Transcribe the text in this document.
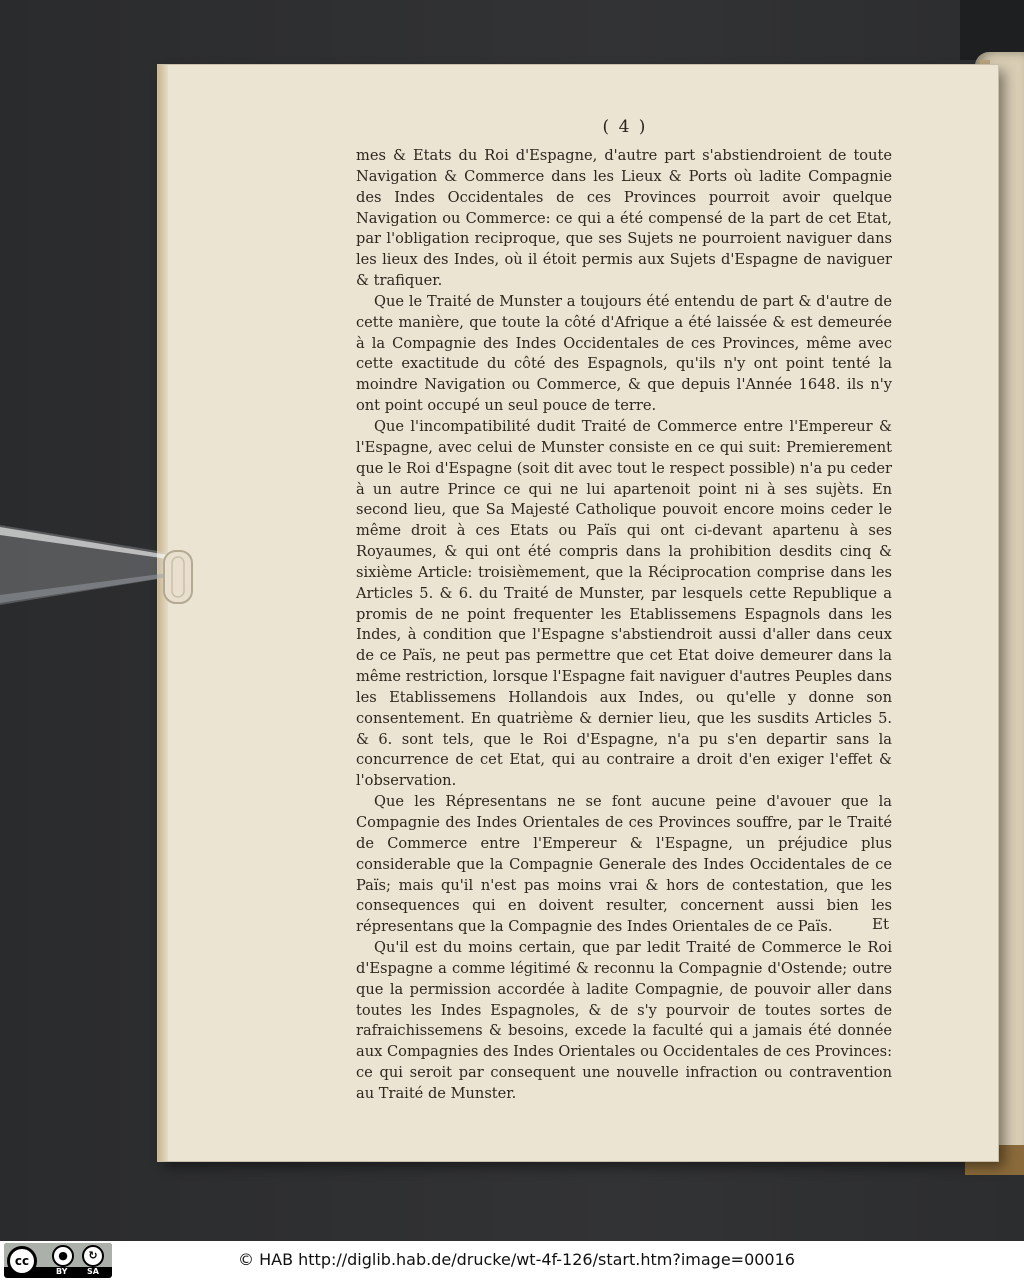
( 4 )

mes & Etats du Roi d'Espagne, d'autre part s'abstiendroient de toute Navigation & Commerce dans les Lieux & Ports où ladite Compagnie des Indes Occidentales de ces Provinces pourroit avoir quelque Navigation ou Commerce: ce qui a été compensé de la part de cet Etat, par l'obligation reciproque, que ses Sujets ne pourroient naviguer dans les lieux des Indes, où il étoit permis aux Sujets d'Espagne de naviguer & trafiquer.

Que le Traité de Munster a toujours été entendu de part & d'autre de cette manière, que toute la côté d'Afrique a été laissée & est demeurée à la Compagnie des Indes Occidentales de ces Provinces, même avec cette exactitude du côté des Espagnols, qu'ils n'y ont point tenté la moindre Navigation ou Commerce, & que depuis l'Année 1648. ils n'y ont point occupé un seul pouce de terre.

Que l'incompatibilité dudit Traité de Commerce entre l'Empereur & l'Espagne, avec celui de Munster consiste en ce qui suit: Premierement que le Roi d'Espagne (soit dit avec tout le respect possible) n'a pu ceder à un autre Prince ce qui ne lui apartenoit point ni à ses sujèts. En second lieu, que Sa Majesté Catholique pouvoit encore moins ceder le même droit à ces Etats ou Païs qui ont ci-devant apartenu à ses Royaumes, & qui ont été compris dans la prohibition desdits cinq & sixième Article: troisièmement, que la Réciprocation comprise dans les Articles 5. & 6. du Traité de Munster, par lesquels cette Republique a promis de ne point frequenter les Etablissemens Espagnols dans les Indes, à condition que l'Espagne s'abstiendroit aussi d'aller dans ceux de ce Païs, ne peut pas permettre que cet Etat doive demeurer dans la même restriction, lorsque l'Espagne fait naviguer d'autres Peuples dans les Etablissemens Hollandois aux Indes, ou qu'elle y donne son consentement. En quatrième & dernier lieu, que les susdits Articles 5. & 6. sont tels, que le Roi d'Espagne, n'a pu s'en departir sans la concurrence de cet Etat, qui au contraire a droit d'en exiger l'effet & l'observation.

Que les Répresentans ne se font aucune peine d'avouer que la Compagnie des Indes Orientales de ces Provinces souffre, par le Traité de Commerce entre l'Empereur & l'Espagne, un préjudice plus considerable que la Compagnie Generale des Indes Occidentales de ce Païs; mais qu'il n'est pas moins vrai & hors de contestation, que les consequences qui en doivent resulter, concernent aussi bien les répresentans que la Compagnie des Indes Orientales de ce Païs.

Qu'il est du moins certain, que par ledit Traité de Commerce le Roi d'Espagne a comme légitimé & reconnu la Compagnie d'Ostende; outre que la permission accordée à ladite Compagnie, de pouvoir aller dans toutes les Indes Espagnoles, & de s'y pourvoir de toutes sortes de rafraichissemens & besoins, excede la faculté qui a jamais été donnée aux Compagnies des Indes Orientales ou Occidentales de ces Provinces: ce qui seroit par consequent une nouvelle infraction ou contravention au Traité de Munster.

Et
cc	●	↻
BY SA
© HAB http://diglib.hab.de/drucke/wt-4f-126/start.htm?image=00016
